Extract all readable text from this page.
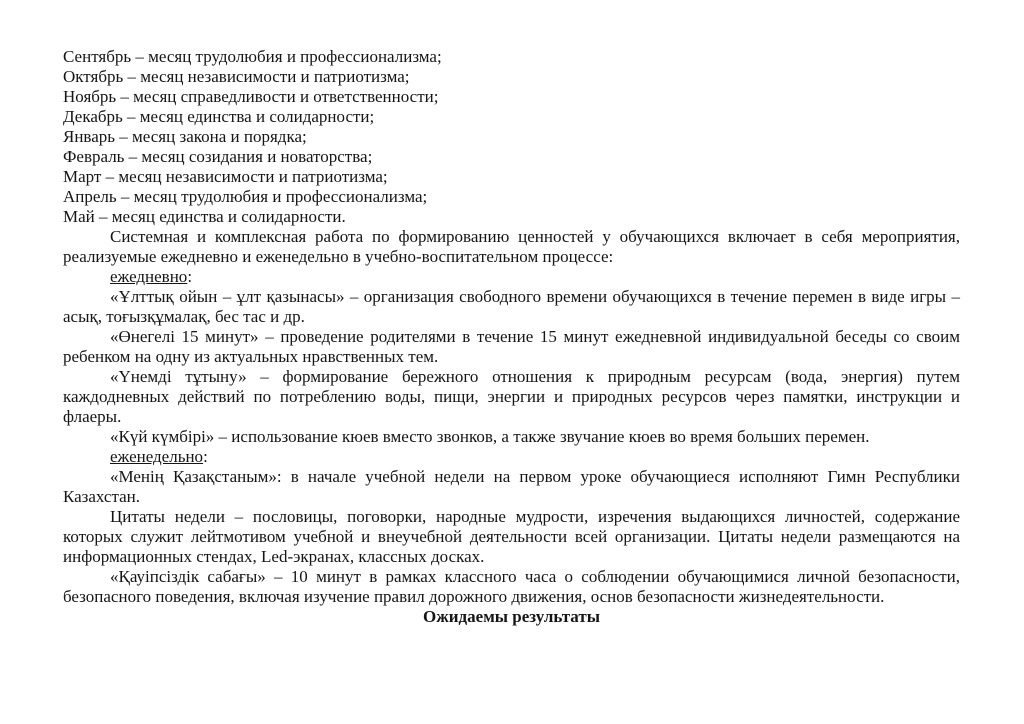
Сентябрь – месяц трудолюбия и профессионализма;
Октябрь – месяц независимости и патриотизма;
Ноябрь – месяц справедливости и ответственности;
Декабрь – месяц единства и солидарности;
Январь – месяц закона и порядка;
Февраль – месяц созидания и новаторства;
Март – месяц независимости и патриотизма;
Апрель – месяц трудолюбия и профессионализма;
Май – месяц единства и солидарности.

Системная и комплексная работа по формированию ценностей у обучающихся включает в себя мероприятия, реализуемые ежедневно и еженедельно в учебно-воспитательном процессе:

ежедневно:

«Ұлттық ойын – ұлт қазынасы» – организация свободного времени обучающихся в течение перемен в виде игры – асық, тоғызқұмалақ, бес тас и др.

«Өнегелі 15 минут» – проведение родителями в течение 15 минут ежедневной индивидуальной беседы со своим ребенком на одну из актуальных нравственных тем.

«Үнемді тұтыну» – формирование бережного отношения к природным ресурсам (вода, энергия) путем каждодневных действий по потреблению воды, пищи, энергии и природных ресурсов через памятки, инструкции и флаеры.

«Күй күмбірі» – использование кюев вместо звонков, а также звучание кюев во время больших перемен.

еженедельно:

«Менің Қазақстаным»: в начале учебной недели на первом уроке обучающиеся исполняют Гимн Республики Казахстан.

Цитаты недели – пословицы, поговорки, народные мудрости, изречения выдающихся личностей, содержание которых служит лейтмотивом учебной и внеучебной деятельности всей организации. Цитаты недели размещаются на информационных стендах, Led-экранах, классных досках.

«Қауіпсіздік сабағы» – 10 минут в рамках классного часа о соблюдении обучающимися личной безопасности, безопасного поведения, включая изучение правил дорожного движения, основ безопасности жизнедеятельности.

Ожидаемы результаты
